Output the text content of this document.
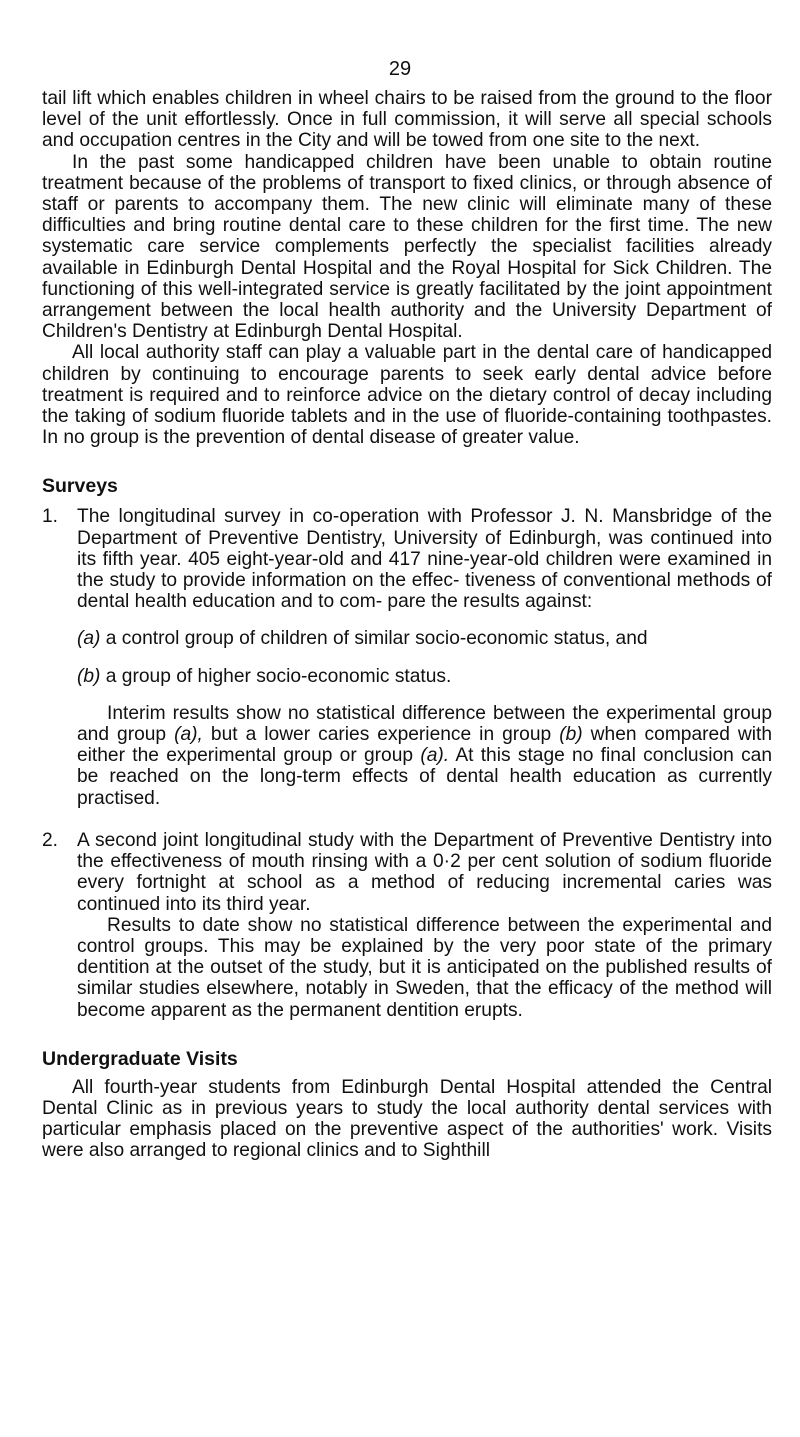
29

tail lift which enables children in wheel chairs to be raised from the ground to the floor level of the unit effortlessly. Once in full commission, it will serve all special schools and occupation centres in the City and will be towed from one site to the next.

In the past some handicapped children have been unable to obtain routine treatment because of the problems of transport to fixed clinics, or through absence of staff or parents to accompany them. The new clinic will eliminate many of these difficulties and bring routine dental care to these children for the first time. The new systematic care service complements perfectly the specialist facilities already available in Edinburgh Dental Hospital and the Royal Hospital for Sick Children. The functioning of this well-integrated service is greatly facilitated by the joint appointment arrangement between the local health authority and the University Department of Children's Dentistry at Edinburgh Dental Hospital.

All local authority staff can play a valuable part in the dental care of handicapped children by continuing to encourage parents to seek early dental advice before treatment is required and to reinforce advice on the dietary control of decay including the taking of sodium fluoride tablets and in the use of fluoride-containing toothpastes. In no group is the prevention of dental disease of greater value.

Surveys
1. The longitudinal survey in co-operation with Professor J. N. Mansbridge of the Department of Preventive Dentistry, University of Edinburgh, was continued into its fifth year. 405 eight-year-old and 417 nine-year-old children were examined in the study to provide information on the effec- tiveness of conventional methods of dental health education and to com- pare the results against:

(a) a control group of children of similar socio-economic status, and
(b) a group of higher socio-economic status.

Interim results show no statistical difference between the experimental group and group (a), but a lower caries experience in group (b) when compared with either the experimental group or group (a). At this stage no final conclusion can be reached on the long-term effects of dental health education as currently practised.

2. A second joint longitudinal study with the Department of Preventive Dentistry into the effectiveness of mouth rinsing with a 0·2 per cent solution of sodium fluoride every fortnight at school as a method of reducing incremental caries was continued into its third year.

Results to date show no statistical difference between the experimental and control groups. This may be explained by the very poor state of the primary dentition at the outset of the study, but it is anticipated on the published results of similar studies elsewhere, notably in Sweden, that the efficacy of the method will become apparent as the permanent dentition erupts.

Undergraduate Visits

All fourth-year students from Edinburgh Dental Hospital attended the Central Dental Clinic as in previous years to study the local authority dental services with particular emphasis placed on the preventive aspect of the authorities' work. Visits were also arranged to regional clinics and to Sighthill
